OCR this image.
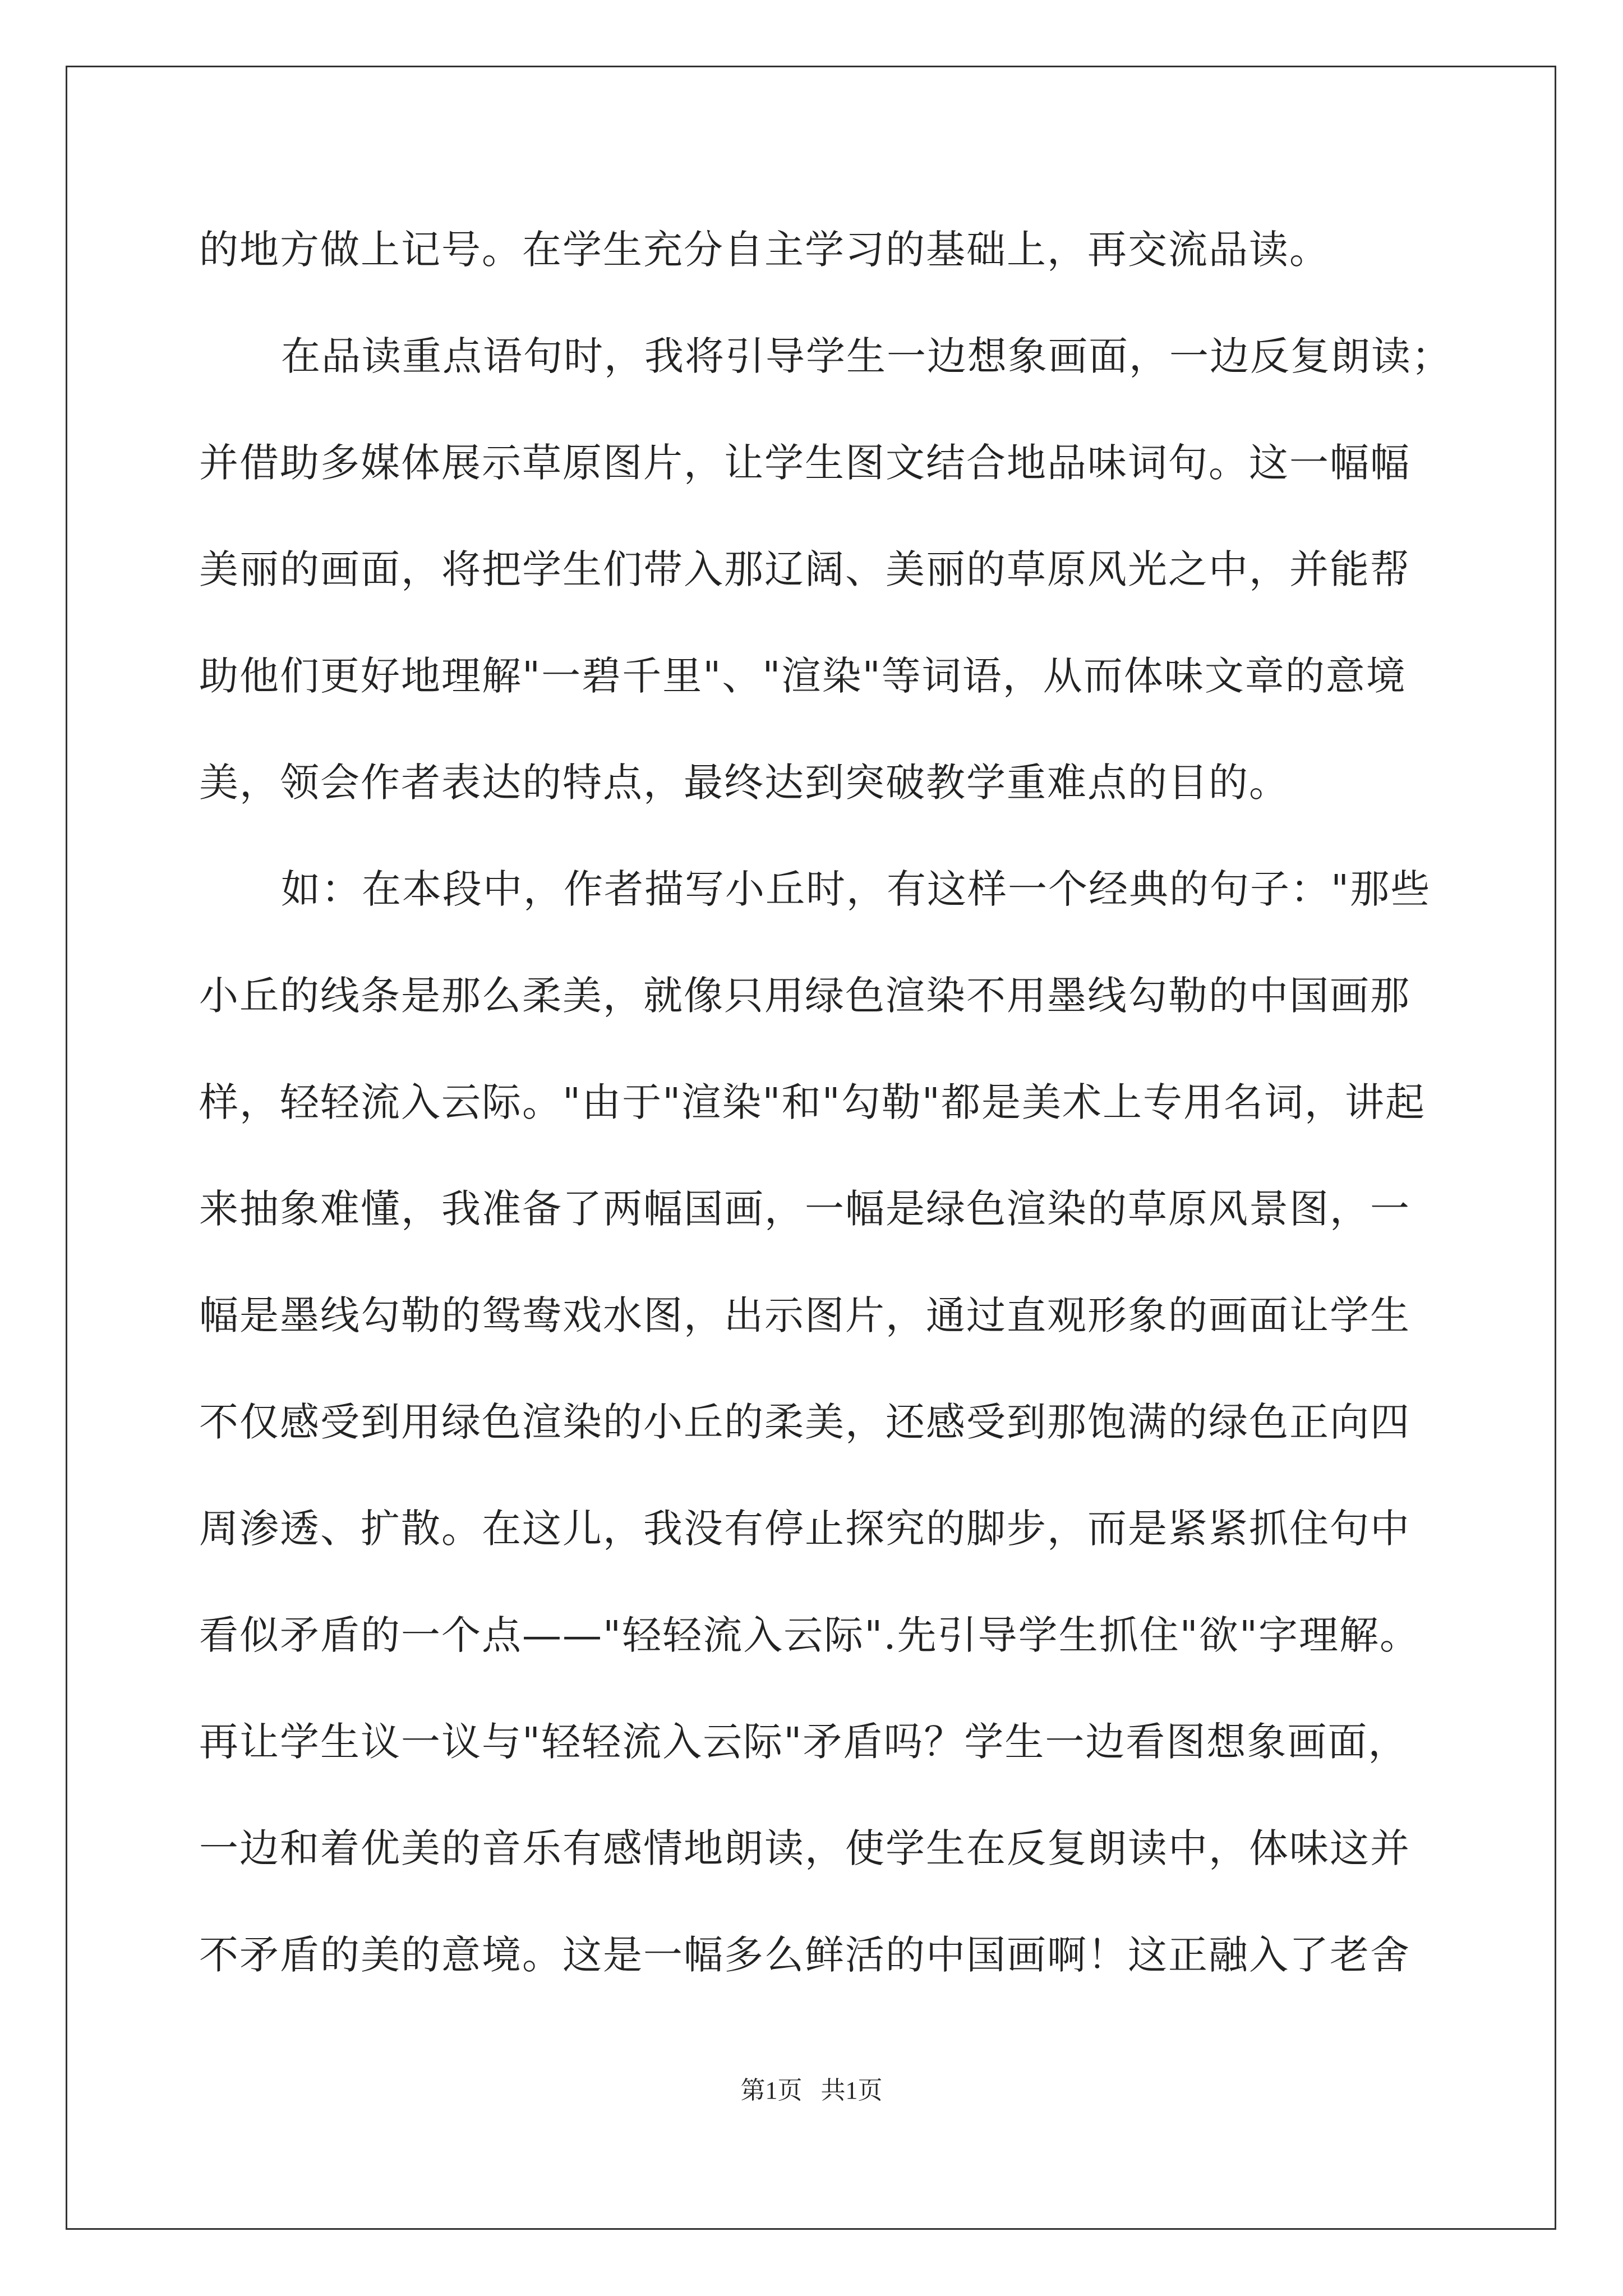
的地方做上记号。在学生充分自主学习的基础上，再交流品读。
在品读重点语句时，我将引导学生一边想象画面，一边反复朗读；
并借助多媒体展示草原图片，让学生图文结合地品味词句。这一幅幅
美丽的画面，将把学生们带入那辽阔、美丽的草原风光之中，并能帮
助他们更好地理解"一碧千里"、"渲染"等词语，从而体味文章的意境
美，领会作者表达的特点，最终达到突破教学重难点的目的。
如：在本段中，作者描写小丘时，有这样一个经典的句子："那些
小丘的线条是那么柔美，就像只用绿色渲染不用墨线勾勒的中国画那
样，轻轻流入云际。"由于"渲染"和"勾勒"都是美术上专用名词，讲起
来抽象难懂，我准备了两幅国画，一幅是绿色渲染的草原风景图，一
幅是墨线勾勒的鸳鸯戏水图，出示图片，通过直观形象的画面让学生
不仅感受到用绿色渲染的小丘的柔美，还感受到那饱满的绿色正向四
周渗透、扩散。在这儿，我没有停止探究的脚步，而是紧紧抓住句中
看似矛盾的一个点——"轻轻流入云际".先引导学生抓住"欲"字理解。
再让学生议一议与"轻轻流入云际"矛盾吗？学生一边看图想象画面，
一边和着优美的音乐有感情地朗读，使学生在反复朗读中，体味这并
不矛盾的美的意境。这是一幅多么鲜活的中国画啊！这正融入了老舍
第1页   共1页
